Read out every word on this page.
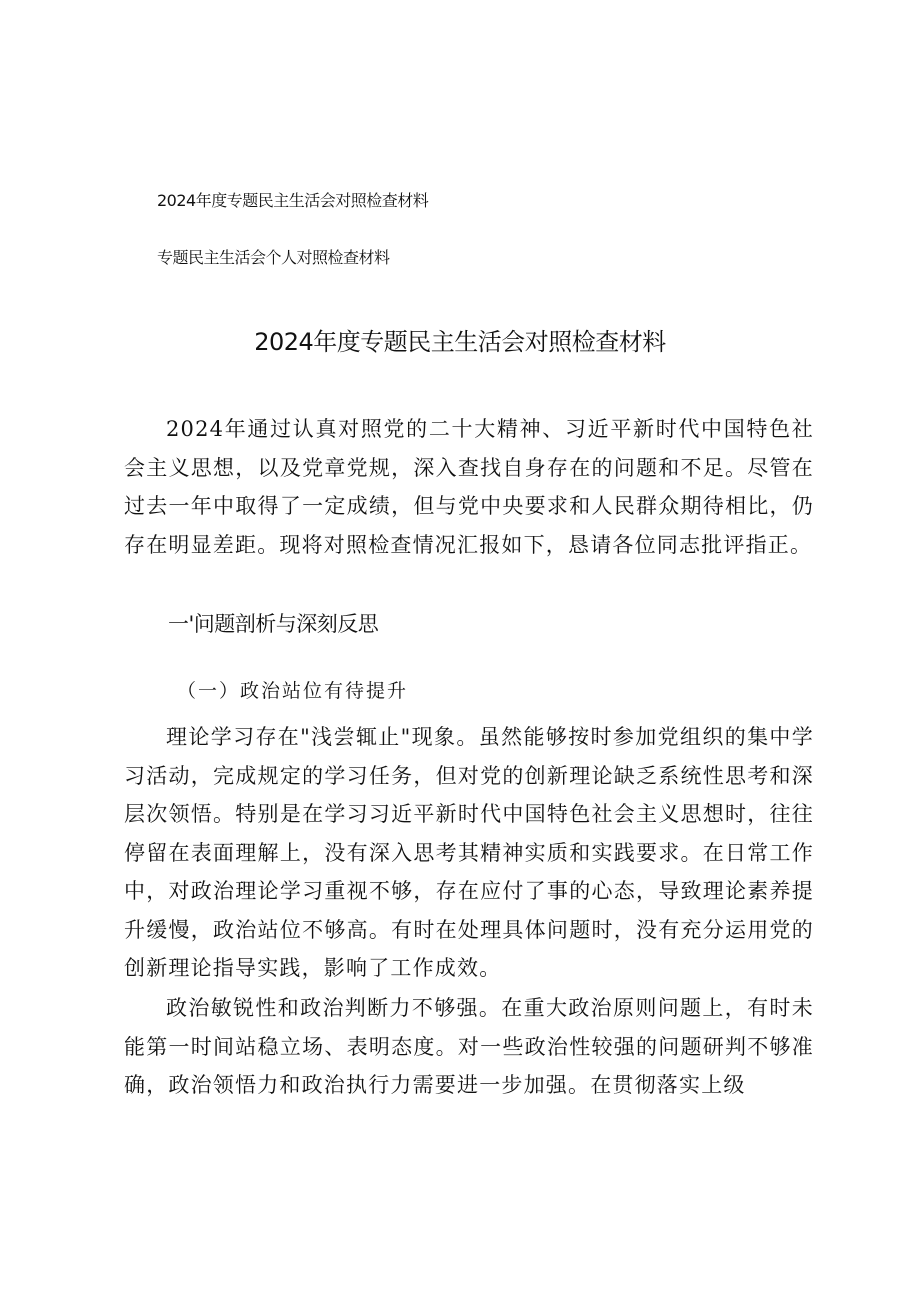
2024年度专题民主生活会对照检查材料
专题民主生活会个人对照检查材料
2024年度专题民主生活会对照检查材料

2024年通过认真对照党的二十大精神、习近平新时代中国特色社会主义思想，以及党章党规，深入查找自身存在的问题和不足。尽管在过去一年中取得了一定成绩，但与党中央要求和人民群众期待相比，仍存在明显差距。现将对照检查情况汇报如下，恳请各位同志批评指正。

一'问题剖析与深刻反思
（一）政治站位有待提升

理论学习存在"浅尝辄止"现象。虽然能够按时参加党组织的集中学习活动，完成规定的学习任务，但对党的创新理论缺乏系统性思考和深层次领悟。特别是在学习习近平新时代中国特色社会主义思想时，往往停留在表面理解上，没有深入思考其精神实质和实践要求。在日常工作中，对政治理论学习重视不够，存在应付了事的心态，导致理论素养提升缓慢，政治站位不够高。有时在处理具体问题时，没有充分运用党的创新理论指导实践，影响了工作成效。

政治敏锐性和政治判断力不够强。在重大政治原则问题上，有时未能第一时间站稳立场、表明态度。对一些政治性较强的问题研判不够准确，政治领悟力和政治执行力需要进一步加强。在贯彻落实上级
